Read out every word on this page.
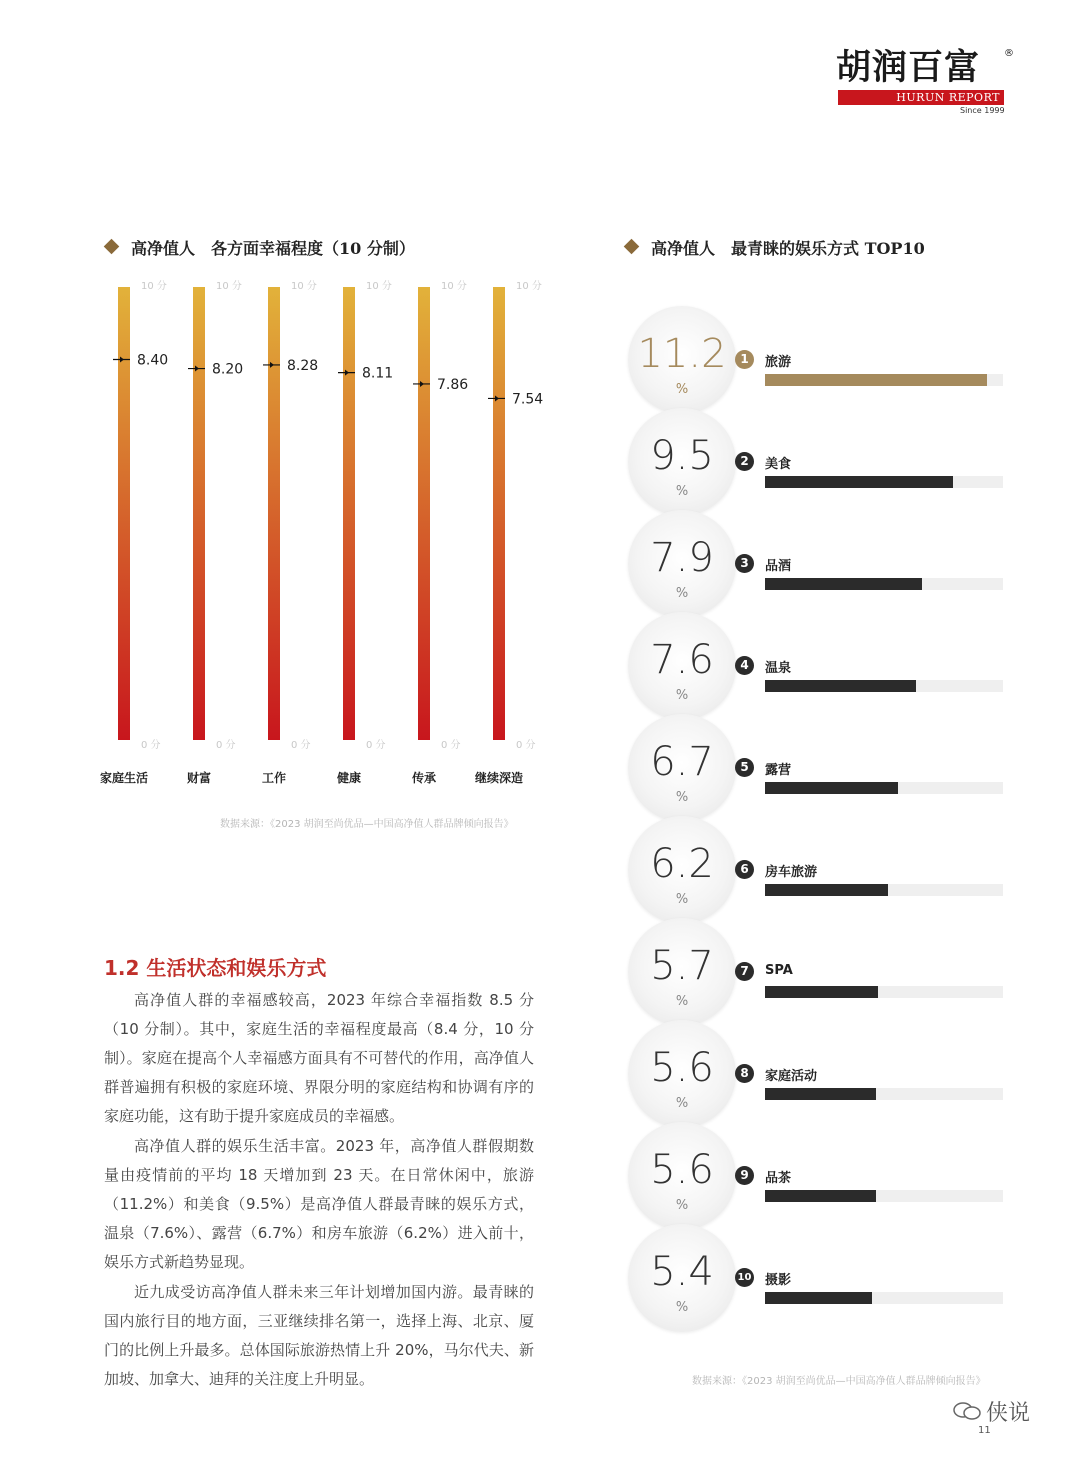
胡润百富 ®
HURUN REPORT
Since 1999
高净值人　各方面幸福程度（10 分制）	高净值人　最青睐的娱乐方式 TOP10
10 分
0 分
8.40
家庭生活
10 分
0 分
8.20
财富
10 分
0 分
8.28
工作
10 分
0 分
8.11
健康
10 分
0 分
7.86
传承
10 分
0 分
7.54
继续深造
数据来源：《2023 胡润至尚优品—中国高净值人群品牌倾向报告》
1.2 生活状态和娱乐方式

高净值人群的幸福感较高，2023 年综合幸福指数 8.5 分（10 分制）。其中，家庭生活的幸福程度最高（8.4 分，10 分制）。家庭在提高个人幸福感方面具有不可替代的作用，高净值人群普遍拥有积极的家庭环境、界限分明的家庭结构和协调有序的家庭功能，这有助于提升家庭成员的幸福感。

高净值人群的娱乐生活丰富。2023 年，高净值人群假期数量由疫情前的平均 18 天增加到 23 天。在日常休闲中，旅游（11.2%）和美食（9.5%）是高净值人群最青睐的娱乐方式，温泉（7.6%）、露营（6.7%）和房车旅游（6.2%）进入前十，娱乐方式新趋势显现。

近九成受访高净值人群未来三年计划增加国内游。最青睐的国内旅行目的地方面，三亚继续排名第一，选择上海、北京、厦门的比例上升最多。总体国际旅游热情上升 20%，马尔代夫、新加坡、加拿大、迪拜的关注度上升明显。

11.2
%
1	旅游
9.5
%
2	美食
7.9
%
3	品酒
7.6
%
4	温泉
6.7
%
5	露营
6.2
%
6	房车旅游
5.7
%
7	SPA
5.6
%
8	家庭活动
5.6
%
9	品茶
5.4
%
10 摄影
数据来源：《2023 胡润至尚优品—中国高净值人群品牌倾向报告》
侠说
11
